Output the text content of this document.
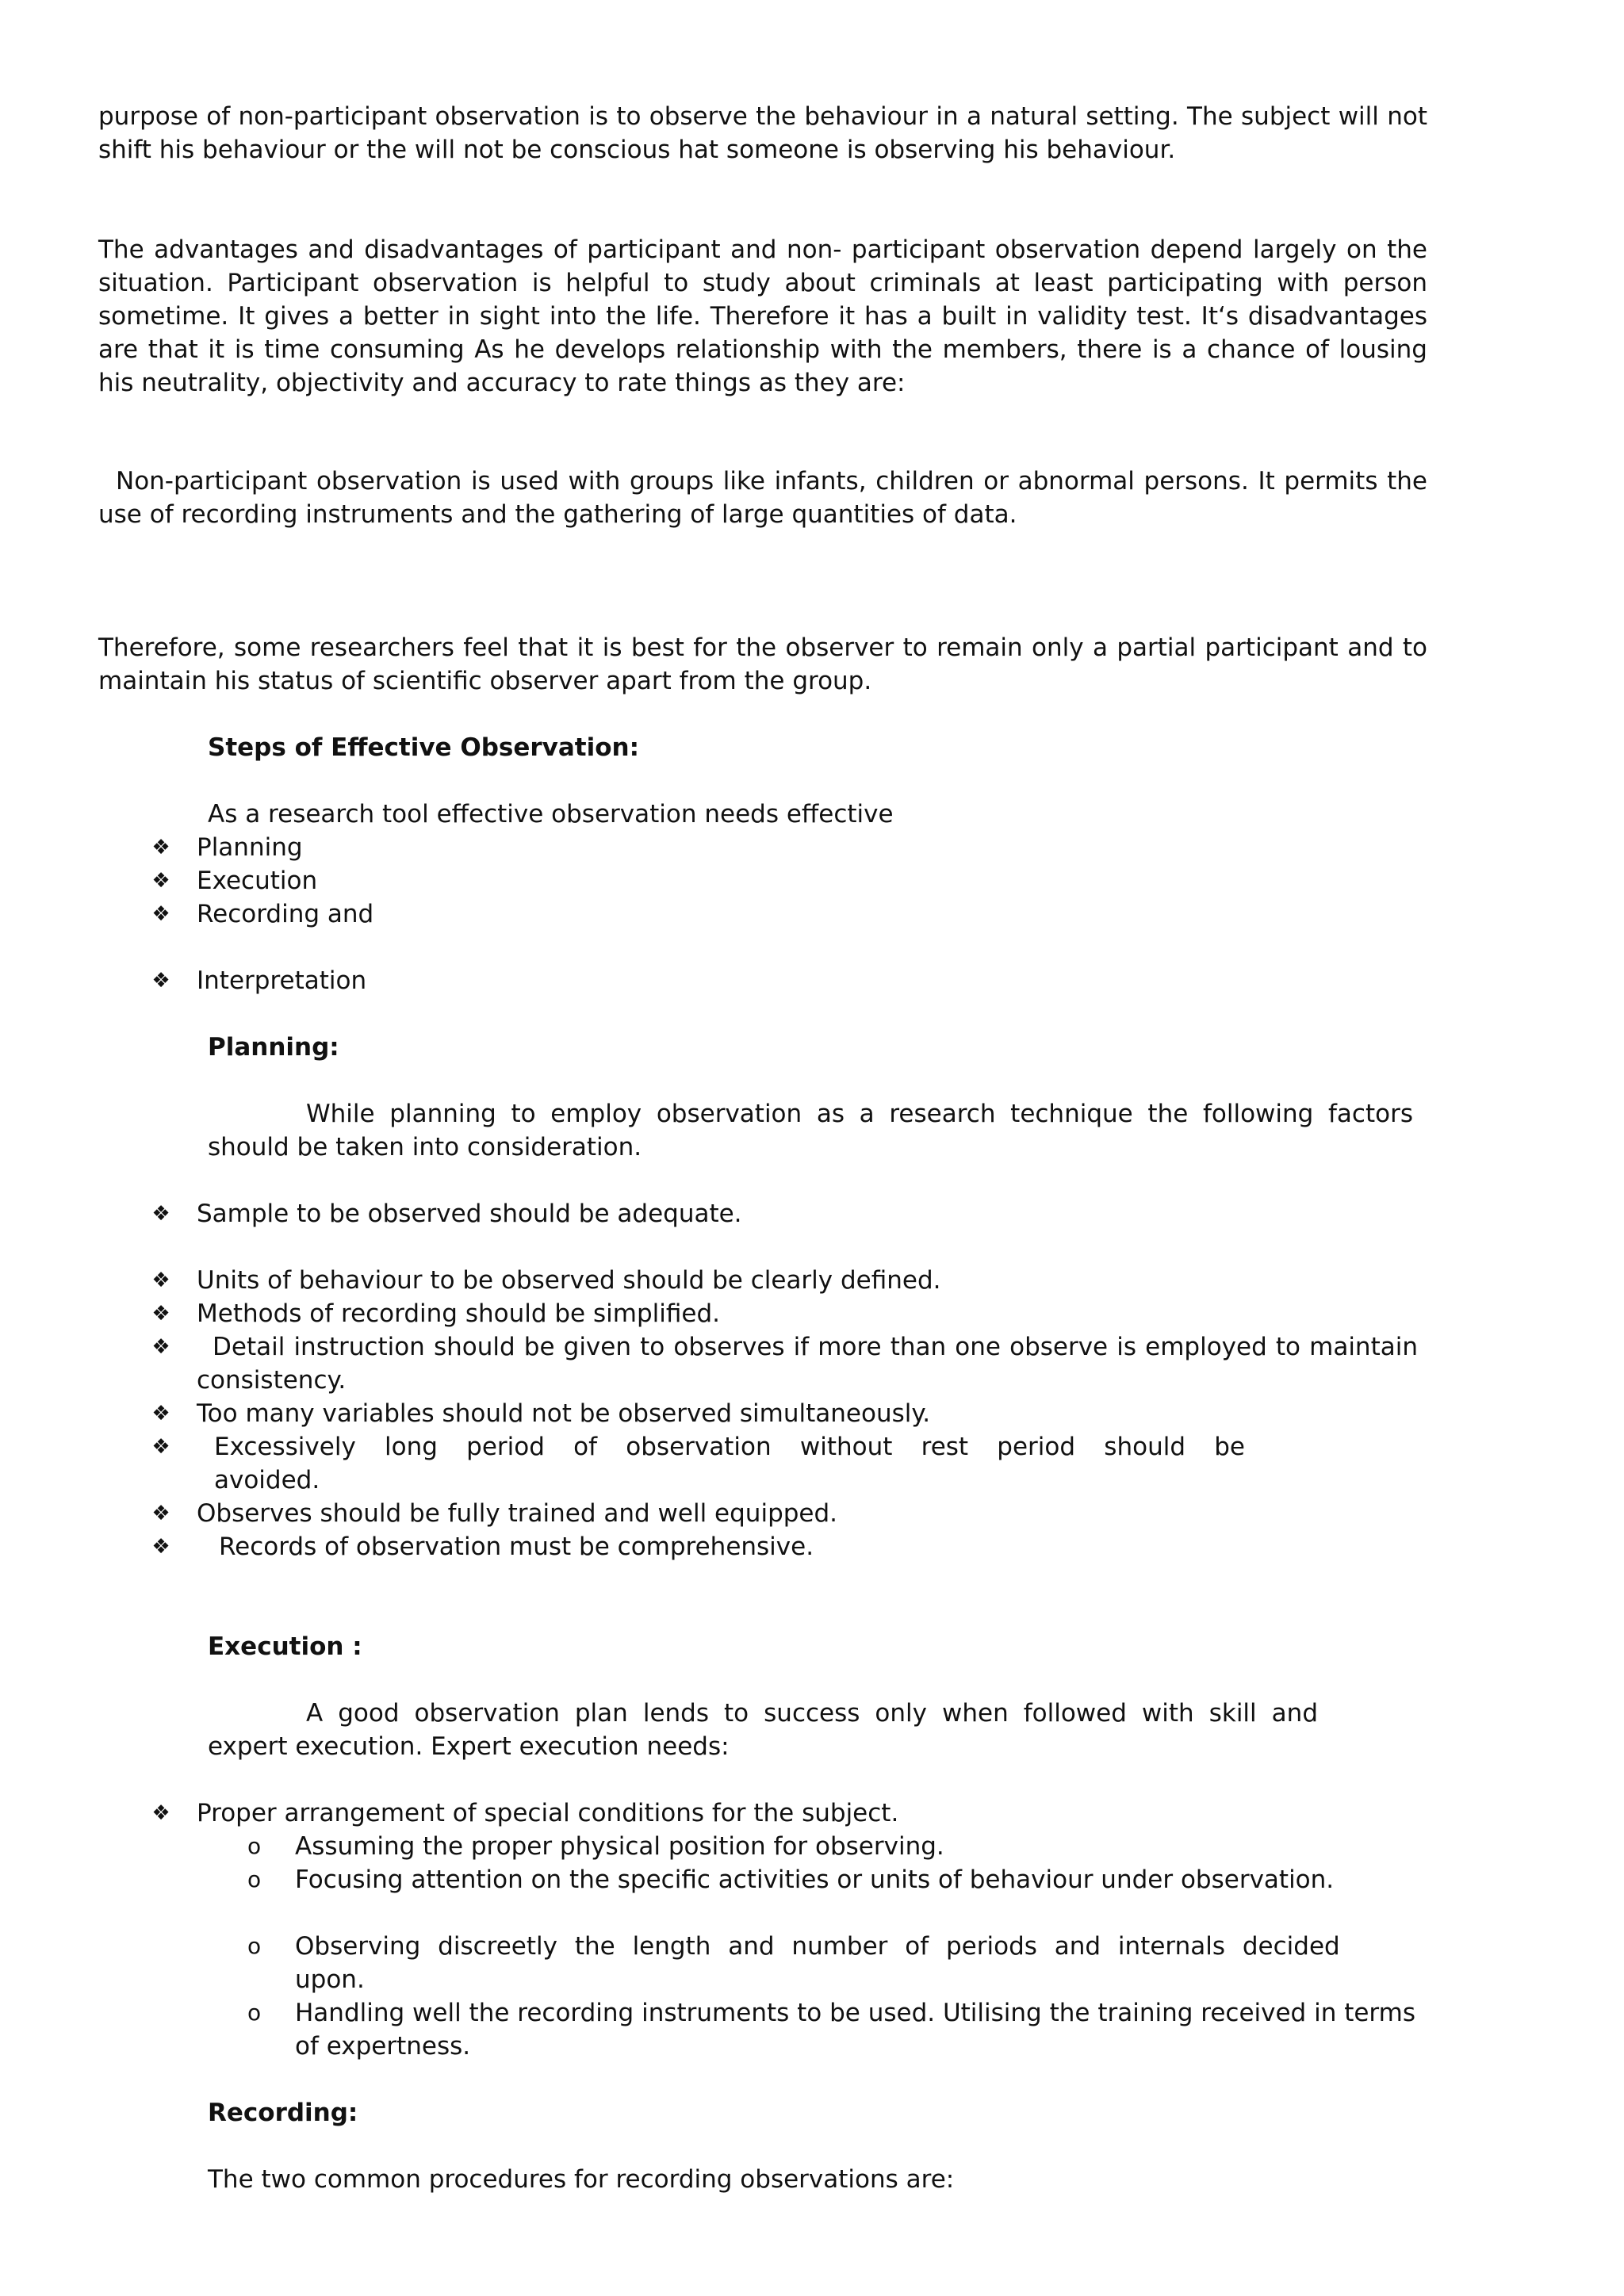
purpose of non-participant observation is to observe the behaviour in a natural setting. The subject will not shift his behaviour or the will not be conscious hat someone is observing his behaviour.

The advantages and disadvantages of participant and non- participant observation depend largely on the situation. Participant observation is helpful to study about criminals at least participating with person sometime. It gives a better in sight into the life. Therefore it has a built in validity test. It‘s disadvantages are that it is time consuming As he develops relationship with the members, there is a chance of lousing his neutrality, objectivity and accuracy to rate things as they are:

Non-participant observation is used with groups like infants, children or abnormal persons. It permits the use of recording instruments and the gathering of large quantities of data.

Therefore, some researchers feel that it is best for the observer to remain only a partial participant and to maintain his status of scientific observer apart from the group.

Steps of Effective Observation:

As a research tool effective observation needs effective

❖ Planning

❖ Execution

❖ Recording and

❖ Interpretation

Planning:

While planning to employ observation as a research technique the following factors should be taken into consideration.

❖ Sample to be observed should be adequate.

❖ Units of behaviour to be observed should be clearly defined.

❖ Methods of recording should be simplified.

❖	Detail instruction should be given to observes if more than one observe is employed to maintain consistency.

❖ Too many variables should not be observed simultaneously.

❖ Excessively long period of observation without rest period should be avoided.

❖ Observes should be fully trained and well equipped.

❖ Records of observation must be comprehensive.

Execution :

A good observation plan lends to success only when followed with skill and expert execution. Expert execution needs:

❖ Proper arrangement of special conditions for the subject.

o	Assuming the proper physical position for observing.

o	Focusing attention on the specific activities or units of behaviour under observation.

o	Observing discreetly the length and number of periods and internals decided upon.

o	Handling well the recording instruments to be used. Utilising the training received in terms of expertness.

Recording:

The two common procedures for recording observations are:
